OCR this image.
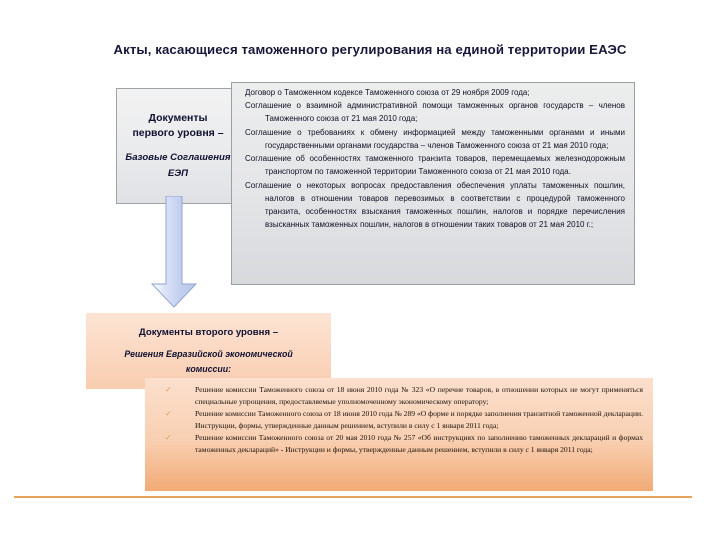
Акты, касающиеся таможенного регулирования на единой территории ЕАЭС
Документы
первого уровня –
Базовые Соглашения
ЕЭП
Договор о Таможенном кодексе Таможенного союза от 29 ноября 2009 года;
Соглашение о взаимной административной помощи таможенных органов государств – членов Таможенного союза от 21 мая 2010 года;
Соглашение о требованиях к обмену информацией между таможенными органами и иными государственными органами государства – членов Таможенного союза от 21 мая 2010 года;
Соглашение об особенностях таможенного транзита товаров, перемещаемых железнодорожным транспортом по таможенной территории Таможенного союза от 21 мая 2010 года.
Соглашение о некоторых вопросах предоставления обеспечения уплаты таможенных пошлин, налогов в отношении товаров перевозимых в соответствии с процедурой таможенного транзита, особенностях взыскания таможенных пошлин, налогов и порядке перечисления взысканных таможенных пошлин, налогов в отношении таких товаров от 21 мая 2010 г.;
Документы второго уровня –
Решения Евразийской экономической
комиссии:
✓	Решение комиссии Таможенного союза от 18 июня 2010 года № 323 «О перечне товаров, в отношении которых не могут применяться специальные упрощения, предоставляемые уполномоченному экономическому оператору;
✓	Решение комиссии Таможенного союза от 18 июня 2010 года № 289 «О форме и порядке заполнения транзитной таможенной декларации. Инструкции, формы, утвержденные данным решением, вступили в силу с 1 января 2011 года;
✓	Решение комиссии Таможенного союза от 20 мая 2010 года № 257 «Об инструкциях по заполнению таможенных деклараций и формах таможенных деклараций» - Инструкции и формы, утвержденные данным решением, вступили в силу с 1 января 2011 года;
